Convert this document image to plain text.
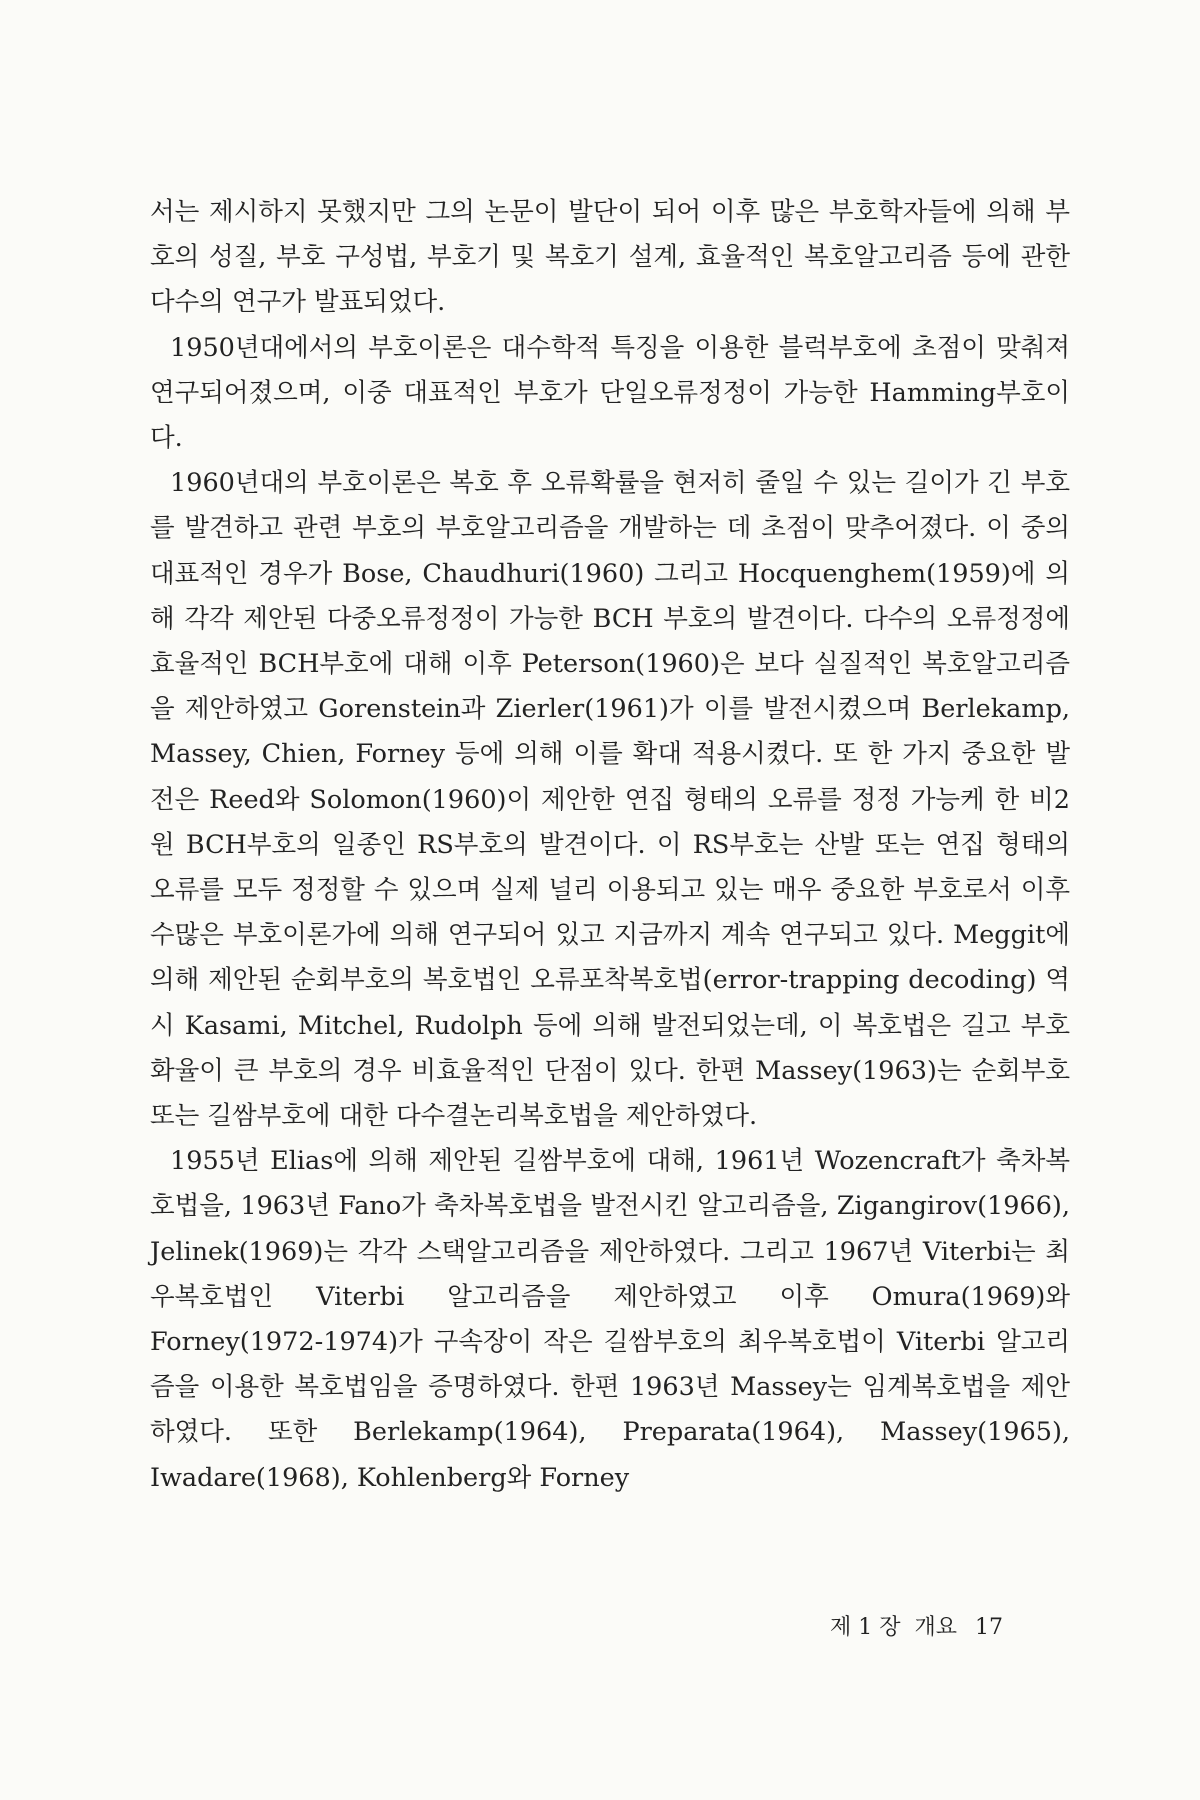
서는 제시하지 못했지만 그의 논문이 발단이 되어 이후 많은 부호학자들에 의해 부호의 성질, 부호 구성법, 부호기 및 복호기 설계, 효율적인 복호알고리즘 등에 관한 다수의 연구가 발표되었다.

1950년대에서의 부호이론은 대수학적 특징을 이용한 블럭부호에 초점이 맞춰져 연구되어졌으며, 이중 대표적인 부호가 단일오류정정이 가능한 Hamming부호이다.

1960년대의 부호이론은 복호 후 오류확률을 현저히 줄일 수 있는 길이가 긴 부호를 발견하고 관련 부호의 부호알고리즘을 개발하는 데 초점이 맞추어졌다. 이 중의 대표적인 경우가 Bose, Chaudhuri(1960) 그리고 Hocquenghem(1959)에 의해 각각 제안된 다중오류정정이 가능한 BCH 부호의 발견이다. 다수의 오류정정에 효율적인 BCH부호에 대해 이후 Peterson(1960)은 보다 실질적인 복호알고리즘을 제안하였고 Gorenstein과 Zierler(1961)가 이를 발전시켰으며 Berlekamp, Massey, Chien, Forney 등에 의해 이를 확대 적용시켰다. 또 한 가지 중요한 발전은 Reed와 Solomon(1960)이 제안한 연집 형태의 오류를 정정 가능케 한 비2원 BCH부호의 일종인 RS부호의 발견이다. 이 RS부호는 산발 또는 연집 형태의 오류를 모두 정정할 수 있으며 실제 널리 이용되고 있는 매우 중요한 부호로서 이후 수많은 부호이론가에 의해 연구되어 있고 지금까지 계속 연구되고 있다. Meggit에 의해 제안된 순회부호의 복호법인 오류포착복호법(error-trapping decoding) 역시 Kasami, Mitchel, Rudolph 등에 의해 발전되었는데, 이 복호법은 길고 부호화율이 큰 부호의 경우 비효율적인 단점이 있다. 한편 Massey(1963)는 순회부호 또는 길쌈부호에 대한 다수결논리복호법을 제안하였다.

1955년 Elias에 의해 제안된 길쌈부호에 대해, 1961년 Wozencraft가 축차복호법을, 1963년 Fano가 축차복호법을 발전시킨 알고리즘을, Zigangirov(1966), Jelinek(1969)는 각각 스택알고리즘을 제안하였다. 그리고 1967년 Viterbi는 최우복호법인 Viterbi 알고리즘을 제안하였고 이후 Omura(1969)와 Forney(1972-1974)가 구속장이 작은 길쌈부호의 최우복호법이 Viterbi 알고리즘을 이용한 복호법임을 증명하였다. 한편 1963년 Massey는 임계복호법을 제안하였다. 또한 Berlekamp(1964), Preparata(1964), Massey(1965), Iwadare(1968), Kohlenberg와 Forney

제 1 장 개요 17
